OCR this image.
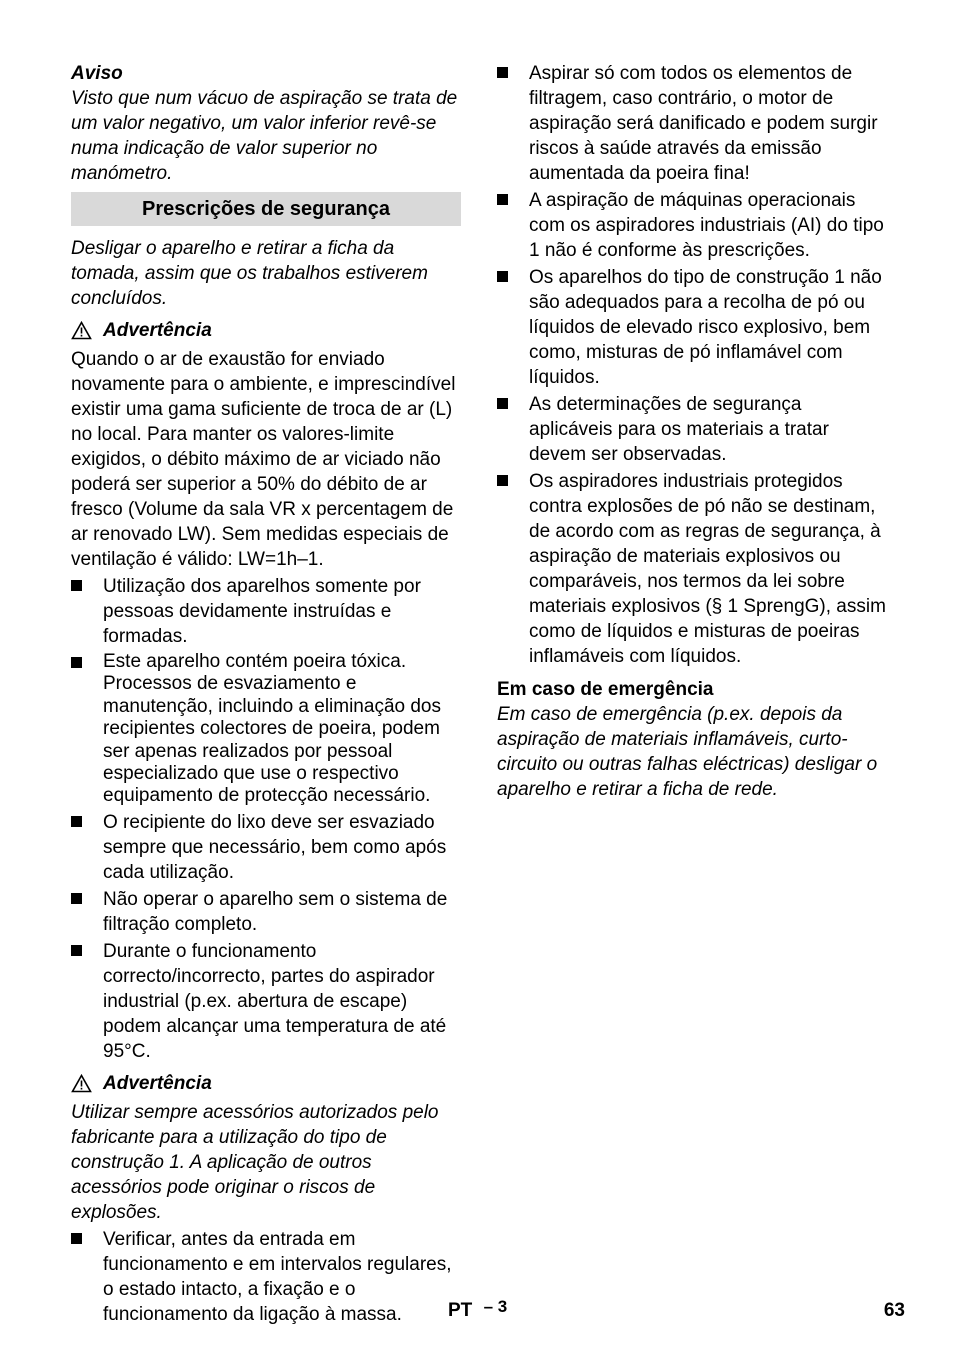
Aviso

Visto que num vácuo de aspiração se trata de um valor negativo, um valor inferior revê-se numa indicação de valor superior no manómetro.

Prescrições de segurança

Desligar o aparelho e retirar a ficha da tomada, assim que os trabalhos estiverem concluídos.

Advertência

Quando o ar de exaustão for enviado novamente para o ambiente, e imprescindível existir uma gama suficiente de troca de ar (L) no local. Para manter os valores-limite exigidos, o débito máximo de ar viciado não poderá ser superior a 50% do débito de ar fresco (Volume da sala VR x percentagem de ar renovado LW). Sem medidas especiais de ventilação é válido: LW=1h–1.

Utilização dos aparelhos somente por pessoas devidamente instruídas e formadas.
Este aparelho contém poeira tóxica. Processos de esvaziamento e manutenção, incluindo a eliminação dos recipientes colectores de poeira, podem ser apenas realizados por pessoal especializado que use o respectivo equipamento de protecção necessário.
O recipiente do lixo deve ser esvaziado sempre que necessário, bem como após cada utilização.
Não operar o aparelho sem o sistema de filtração completo.
Durante o funcionamento correcto/incorrecto, partes do aspirador industrial (p.ex. abertura de escape) podem alcançar uma temperatura de até 95°C.
Advertência

Utilizar sempre acessórios autorizados pelo fabricante para a utilização do tipo de construção 1. A aplicação de outros acessórios pode originar o riscos de explosões.

Verificar, antes da entrada em funcionamento e em intervalos regulares, o estado intacto, a fixação e o funcionamento da ligação à massa.
Aspirar só com todos os elementos de filtragem, caso contrário, o motor de aspiração será danificado e podem surgir riscos à saúde através da emissão aumentada da poeira fina!
A aspiração de máquinas operacionais com os aspiradores industriais (AI) do tipo 1 não é conforme às prescrições.
Os aparelhos do tipo de construção 1 não são adequados para a recolha de pó ou líquidos de elevado risco explosivo, bem como, misturas de pó inflamável com líquidos.
As determinações de segurança aplicáveis para os materiais a tratar devem ser observadas.
Os aspiradores industriais protegidos contra explosões de pó não se destinam, de acordo com as regras de segurança, à aspiração de materiais explosivos ou comparáveis, nos termos da lei sobre materiais explosivos (§ 1 SprengG), assim como de líquidos e misturas de poeiras inflamáveis com líquidos.

Em caso de emergência

Em caso de emergência (p.ex. depois da aspiração de materiais inflamáveis, curto-circuito ou outras falhas eléctricas) desligar o aparelho e retirar a ficha de rede.

PT – 3	63
